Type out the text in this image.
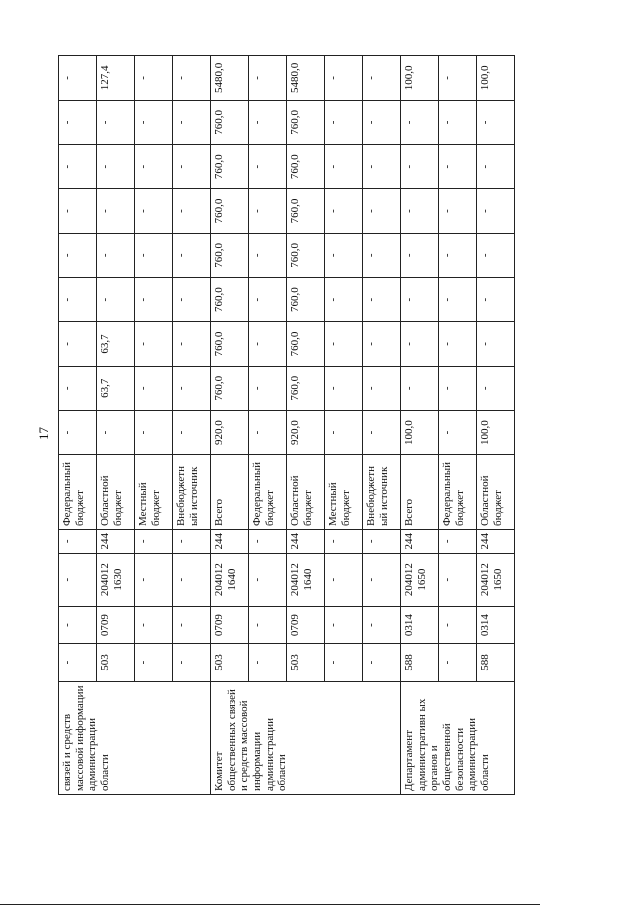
17
связей и средств массовой информации администрации области	-	-	-	-	Федеральный бюджет	-	-	-	-	-	-	-	-	-
	503	0709	204012 1630	244	Областной бюджет	-	63,7	63,7	-	-	-	-	-	127,4
	-	-	-	-	Местный бюджет	-	-	-	-	-	-	-	-	-
	-	-	-	-	Внебюджетн ый источник	-	-	-	-	-	-	-	-	-
Комитет общественных связей и средств массовой информации администрации области	503	0709	204012 1640	244	Всего	920,0	760,0	760,0	760,0	760,0	760,0	760,0	760,0	5480,0
	-	-	-	-	Федеральный бюджет	-	-	-	-	-	-	-	-	-
	503	0709	204012 1640	244	Областной бюджет	920,0	760,0	760,0	760,0	760,0	760,0	760,0	760,0	5480,0
	-	-	-	-	Местный бюджет	-	-	-	-	-	-	-	-	-
	-	-	-	-	Внебюджетн ый источник	-	-	-	-	-	-	-	-	-
Департамент административн ых органов и общественной безопасности администрации области	588	0314	204012 1650	244	Всего	100,0	-	-	-	-	-	-	-	100,0
	-	-	-	-	Федеральный бюджет	-	-	-	-	-	-	-	-	-
	588	0314	204012 1650	244	Областной бюджет	100,0	-	-	-	-	-	-	-	100,0
